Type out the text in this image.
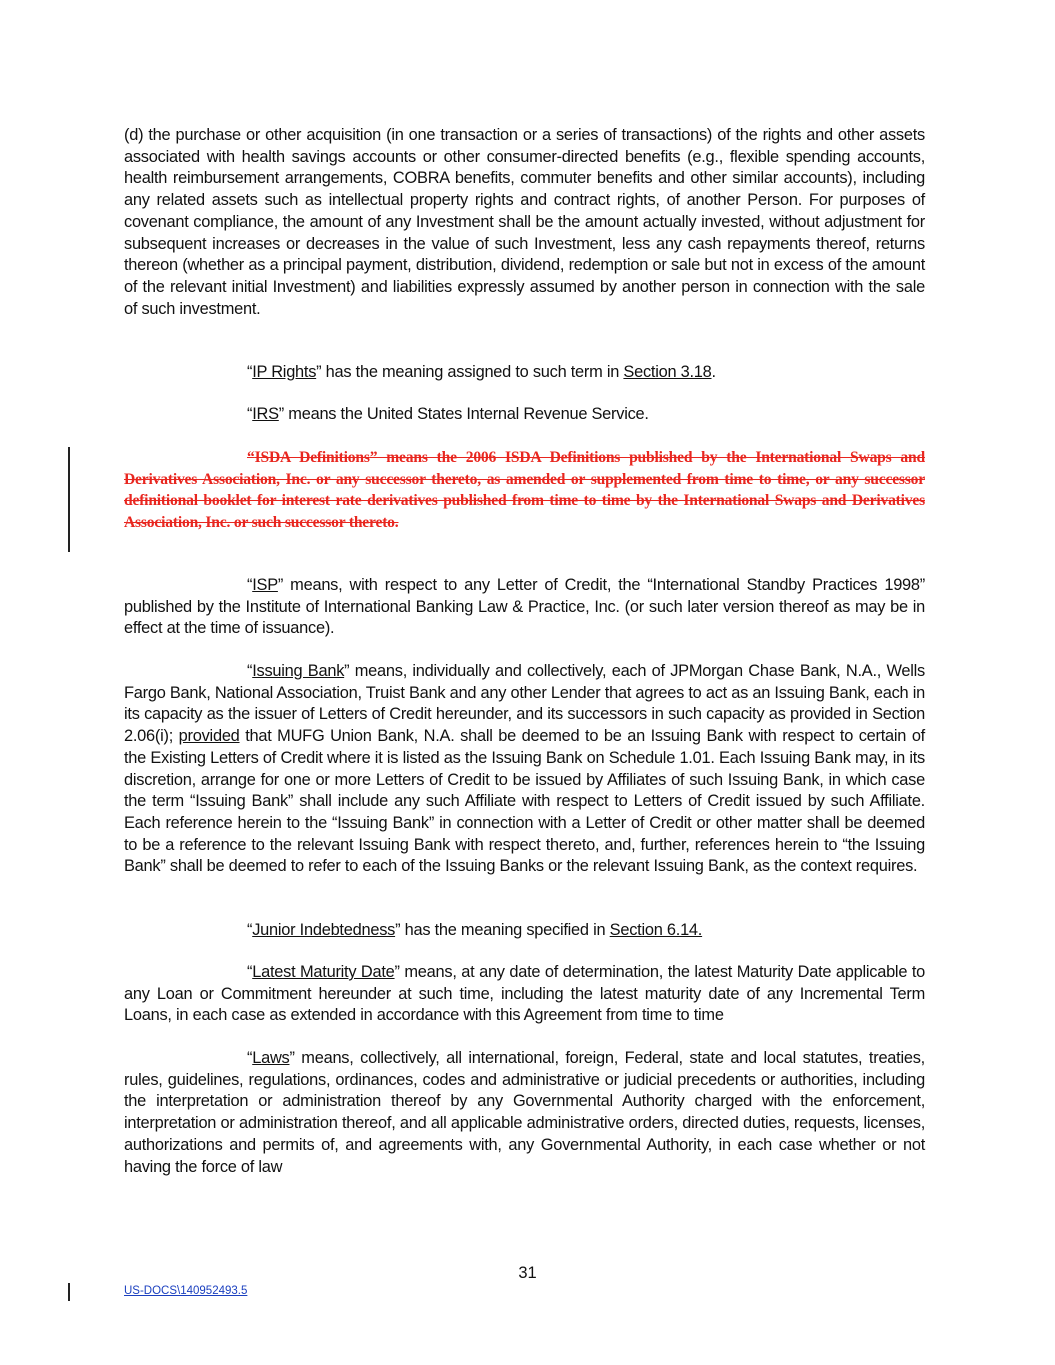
(d) the purchase or other acquisition (in one transaction or a series of transactions) of the rights and other assets associated with health savings accounts or other consumer-directed benefits (e.g., flexible spending accounts, health reimbursement arrangements, COBRA benefits, commuter benefits and other similar accounts), including any related assets such as intellectual property rights and contract rights, of another Person. For purposes of covenant compliance, the amount of any Investment shall be the amount actually invested, without adjustment for subsequent increases or decreases in the value of such Investment, less any cash repayments thereof, returns thereon (whether as a principal payment, distribution, dividend, redemption or sale but not in excess of the amount of the relevant initial Investment) and liabilities expressly assumed by another person in connection with the sale of such investment.

“IP Rights” has the meaning assigned to such term in Section 3.18.

“IRS” means the United States Internal Revenue Service.

“ISDA Definitions” means the 2006 ISDA Definitions published by the International Swaps and Derivatives Association, Inc. or any successor thereto, as amended or supplemented from time to time, or any successor definitional booklet for interest rate derivatives published from time to time by the International Swaps and Derivatives Association, Inc. or such successor thereto.

“ISP” means, with respect to any Letter of Credit, the “International Standby Practices 1998” published by the Institute of International Banking Law & Practice, Inc. (or such later version thereof as may be in effect at the time of issuance).

“Issuing Bank” means, individually and collectively, each of JPMorgan Chase Bank, N.A., Wells Fargo Bank, National Association, Truist Bank and any other Lender that agrees to act as an Issuing Bank, each in its capacity as the issuer of Letters of Credit hereunder, and its successors in such capacity as provided in Section 2.06(i); provided that MUFG Union Bank, N.A. shall be deemed to be an Issuing Bank with respect to certain of the Existing Letters of Credit where it is listed as the Issuing Bank on Schedule 1.01. Each Issuing Bank may, in its discretion, arrange for one or more Letters of Credit to be issued by Affiliates of such Issuing Bank, in which case the term “Issuing Bank” shall include any such Affiliate with respect to Letters of Credit issued by such Affiliate. Each reference herein to the “Issuing Bank” in connection with a Letter of Credit or other matter shall be deemed to be a reference to the relevant Issuing Bank with respect thereto, and, further, references herein to “the Issuing Bank” shall be deemed to refer to each of the Issuing Banks or the relevant Issuing Bank, as the context requires.

“Junior Indebtedness” has the meaning specified in Section 6.14.

“Latest Maturity Date” means, at any date of determination, the latest Maturity Date applicable to any Loan or Commitment hereunder at such time, including the latest maturity date of any Incremental Term Loans, in each case as extended in accordance with this Agreement from time to time

“Laws” means, collectively, all international, foreign, Federal, state and local statutes, treaties, rules, guidelines, regulations, ordinances, codes and administrative or judicial precedents or authorities, including the interpretation or administration thereof by any Governmental Authority charged with the enforcement, interpretation or administration thereof, and all applicable administrative orders, directed duties, requests, licenses, authorizations and permits of, and agreements with, any Governmental Authority, in each case whether or not having the force of law

31
US-DOCS\140952493.5
